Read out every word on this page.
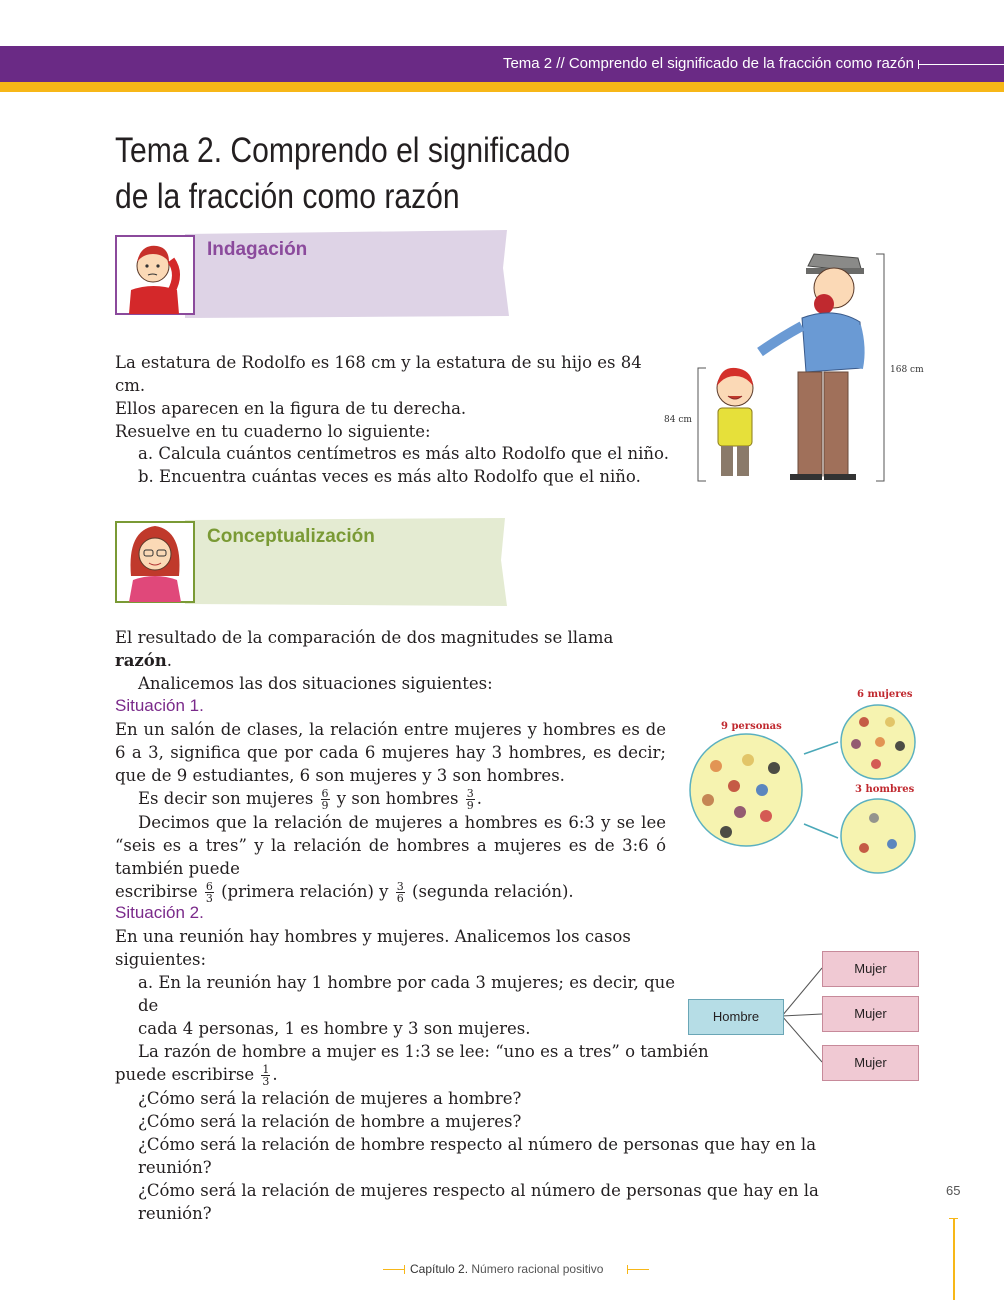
Tema 2 // Comprendo el significado de la fracción como razón
Tema 2. Comprendo el significado
de la fracción como razón
Indagación

La estatura de Rodolfo es 168 cm y la estatura de su hijo es 84 cm.

Ellos aparecen en la figura de tu derecha.

Resuelve en tu cuaderno lo siguiente:

a. Calcula cuántos centímetros es más alto Rodolfo que el niño.

b. Encuentra cuántas veces es más alto Rodolfo que el niño.

84 cm
168 cm
Conceptualización

El resultado de la comparación de dos magnitudes se llama razón.

Analicemos las dos situaciones siguientes:

Situación 1.

En un salón de clases, la relación entre mujeres y hombres es de 6 a 3, significa que por cada 6 mujeres hay 3 hombres, es decir; que de 9 estudiantes, 6 son mujeres y 3 son hombres.

Es decir son mujeres $\frac{6}{9}$ y son hombres $\frac{3}{9}$ .

Decimos que la relación de mujeres a hombres es 6:3 y se lee “seis es a tres” y la relación de hombres a mujeres es de 3:6 ó también puede

escribirse $\frac{6}{3}$ (primera relación) y $\frac{3}{6}$ (segunda relación).

9 personas
6 mujeres
3 hombres
Situación 2.
En una reunión hay hombres y mujeres. Analicemos los casos siguientes:

a. En la reunión hay 1 hombre por cada 3 mujeres; es decir, que de

cada 4 personas, 1 es hombre y 3 son mujeres.

La razón de hombre a mujer es 1:3 se lee: “uno es a tres” o también

puede escribirse $\frac{1}{3}$ .

¿Cómo será la relación de mujeres a hombre?

¿Cómo será la relación de hombre a mujeres?

¿Cómo será la relación de hombre respecto al número de personas que hay en la reunión?

¿Cómo será la relación de mujeres respecto al número de personas que hay en la reunión?

Hombre
Mujer
Mujer
Mujer
65
Capítulo 2. Número racional positivo
